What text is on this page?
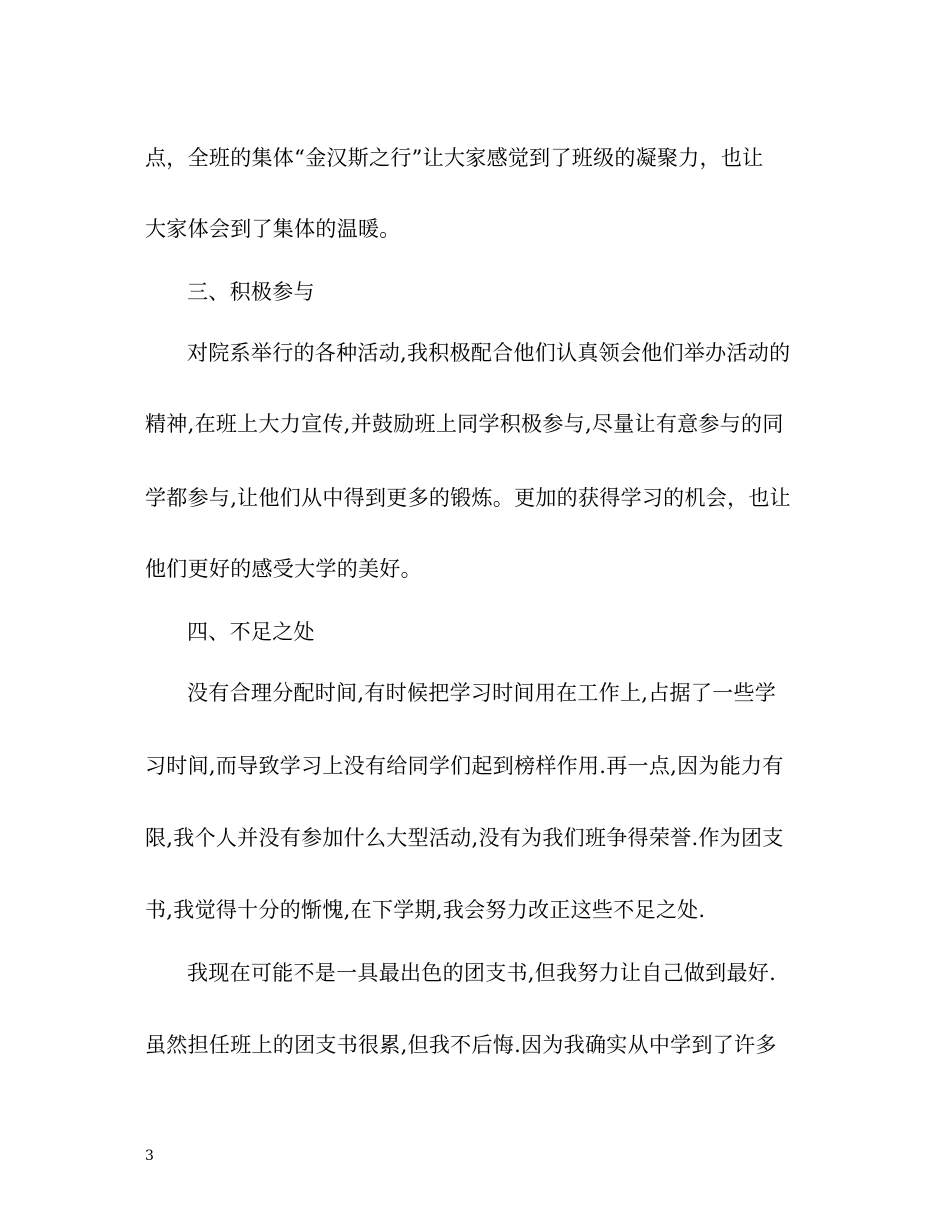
点，全班的集体“金汉斯之行”让大家感觉到了班级的凝聚力，也让
大家体会到了集体的温暖。
三、积极参与
对院系举行的各种活动,我积极配合他们认真领会他们举办活动的
精神,在班上大力宣传,并鼓励班上同学积极参与,尽量让有意参与的同
学都参与,让他们从中得到更多的锻炼。更加的获得学习的机会，也让
他们更好的感受大学的美好。
四、不足之处
没有合理分配时间,有时候把学习时间用在工作上,占据了一些学
习时间,而导致学习上没有给同学们起到榜样作用.再一点,因为能力有
限,我个人并没有参加什么大型活动,没有为我们班争得荣誉.作为团支
书,我觉得十分的惭愧,在下学期,我会努力改正这些不足之处.
我现在可能不是一具最出色的团支书,但我努力让自己做到最好.
虽然担任班上的团支书很累,但我不后悔.因为我确实从中学到了许多
3
